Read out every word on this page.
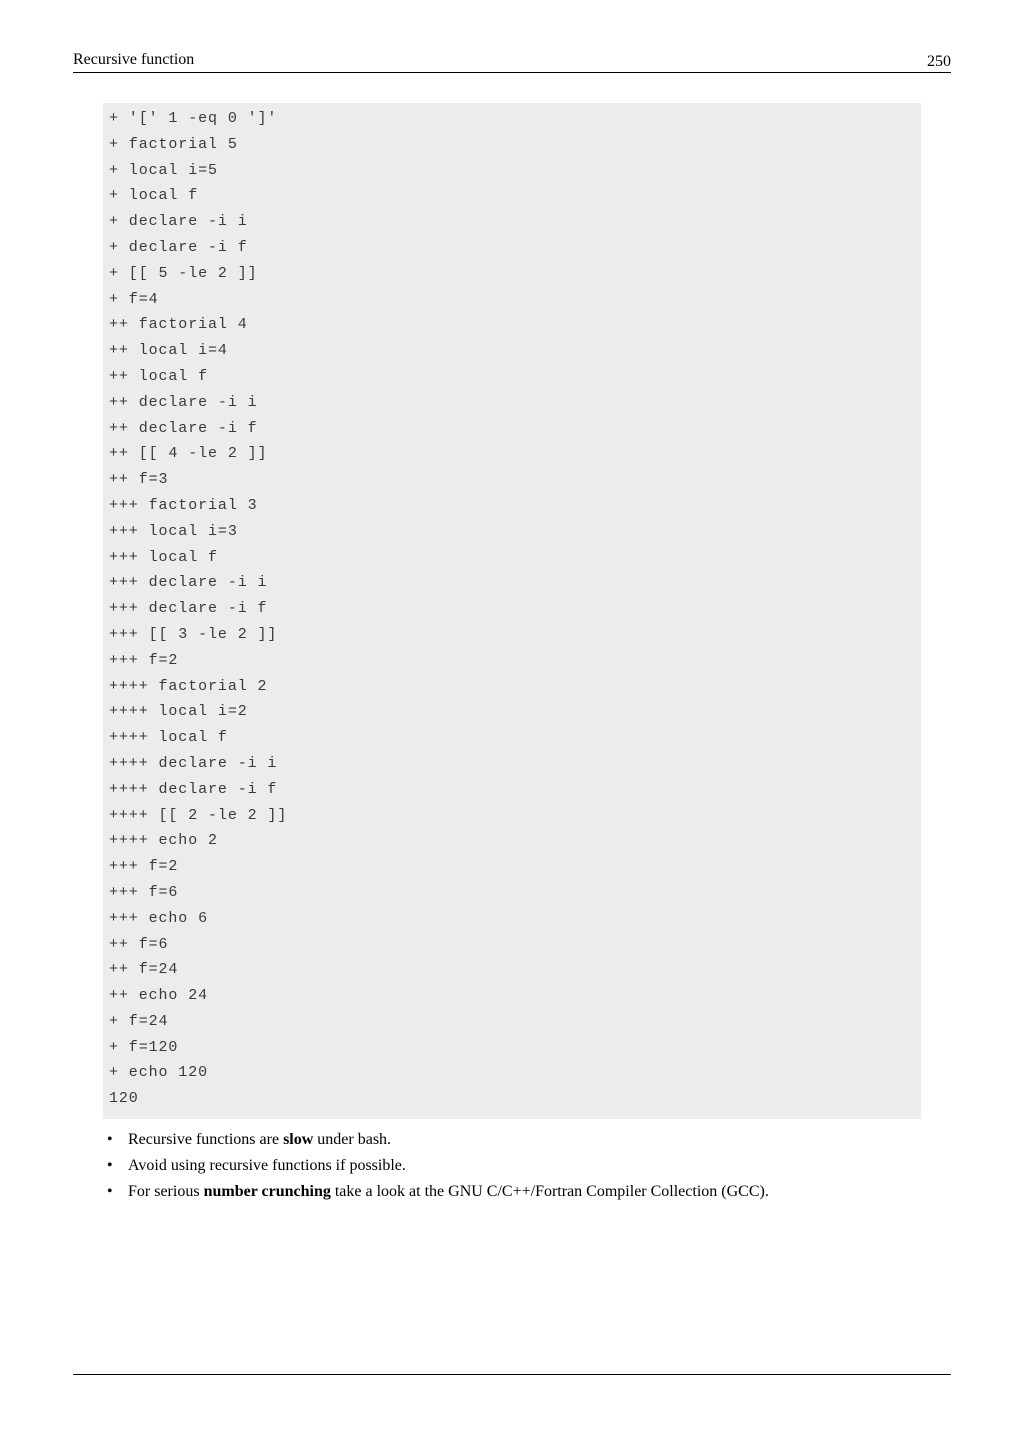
Recursive function	250
+ '[' 1 -eq 0 ']'
+ factorial 5
+ local i=5
+ local f
+ declare -i i
+ declare -i f
+ [[ 5 -le 2 ]]
+ f=4
++ factorial 4
++ local i=4
++ local f
++ declare -i i
++ declare -i f
++ [[ 4 -le 2 ]]
++ f=3
+++ factorial 3
+++ local i=3
+++ local f
+++ declare -i i
+++ declare -i f
+++ [[ 3 -le 2 ]]
+++ f=2
++++ factorial 2
++++ local i=2
++++ local f
++++ declare -i i
++++ declare -i f
++++ [[ 2 -le 2 ]]
++++ echo 2
+++ f=2
+++ f=6
+++ echo 6
++ f=6
++ f=24
++ echo 24
+ f=24
+ f=120
+ echo 120
120
• Recursive functions are slow under bash.
• Avoid using recursive functions if possible.
• For serious number crunching take a look at the GNU C/C++/Fortran Compiler Collection (GCC).
